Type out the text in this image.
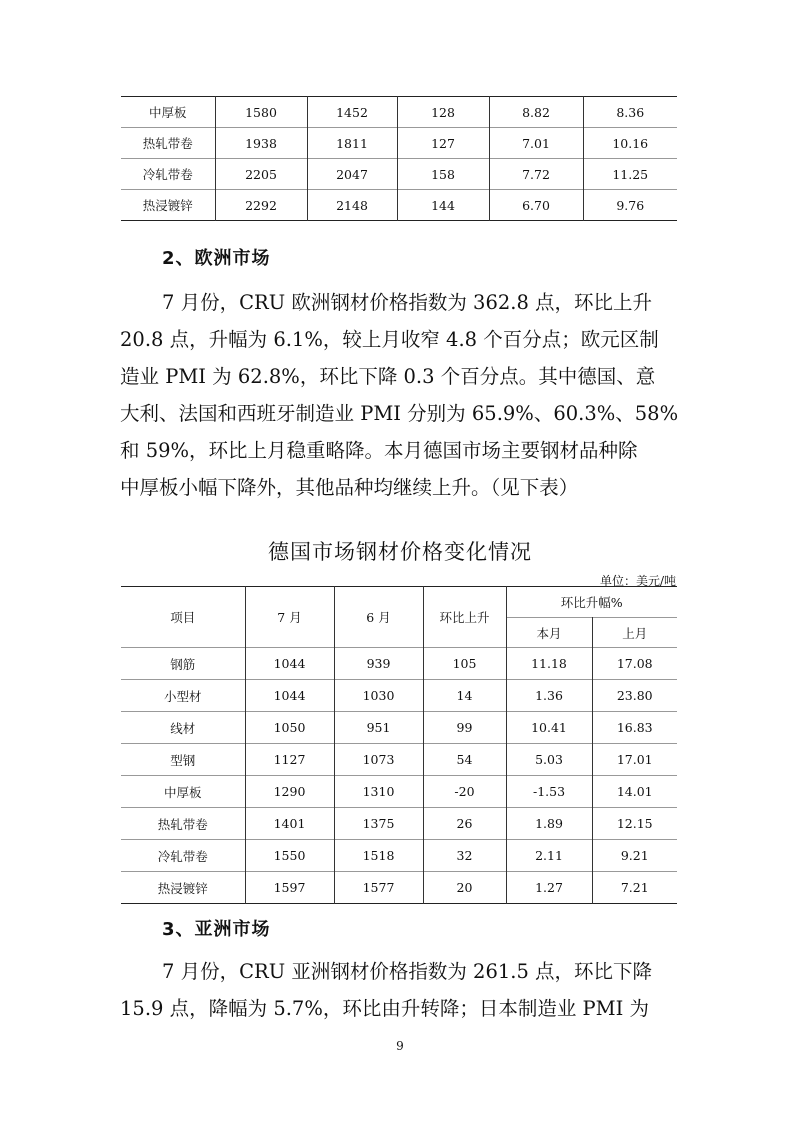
中厚板	1580	1452	128	8.82	8.36
热轧带卷	1938	1811	127	7.01	10.16
冷轧带卷	2205	2047	158	7.72	11.25
热浸镀锌	2292	2148	144	6.70	9.76
2、欧洲市场
7 月份，CRU 欧洲钢材价格指数为 362.8 点，环比上升
20.8 点，升幅为 6.1%，较上月收窄 4.8 个百分点；欧元区制
造业 PMI 为 62.8%，环比下降 0.3 个百分点。其中德国、意
大利、法国和西班牙制造业 PMI 分别为 65.9%、60.3%、58%
和 59%，环比上月稳重略降。本月德国市场主要钢材品种除
中厚板小幅下降外，其他品种均继续上升。（见下表）
德国市场钢材价格变化情况
单位：美元/吨
项目	7 月	6 月	环比上升	环比升幅%	
				本月	上月
钢筋	1044	939	105	11.18	17.08
小型材	1044	1030	14	1.36	23.80
线材	1050	951	99	10.41	16.83
型钢	1127	1073	54	5.03	17.01
中厚板	1290	1310	-20	-1.53	14.01
热轧带卷	1401	1375	26	1.89	12.15
冷轧带卷	1550	1518	32	2.11	9.21
热浸镀锌	1597	1577	20	1.27	7.21
3、亚洲市场
7 月份，CRU 亚洲钢材价格指数为 261.5 点，环比下降
15.9 点，降幅为 5.7%，环比由升转降；日本制造业 PMI 为
9
